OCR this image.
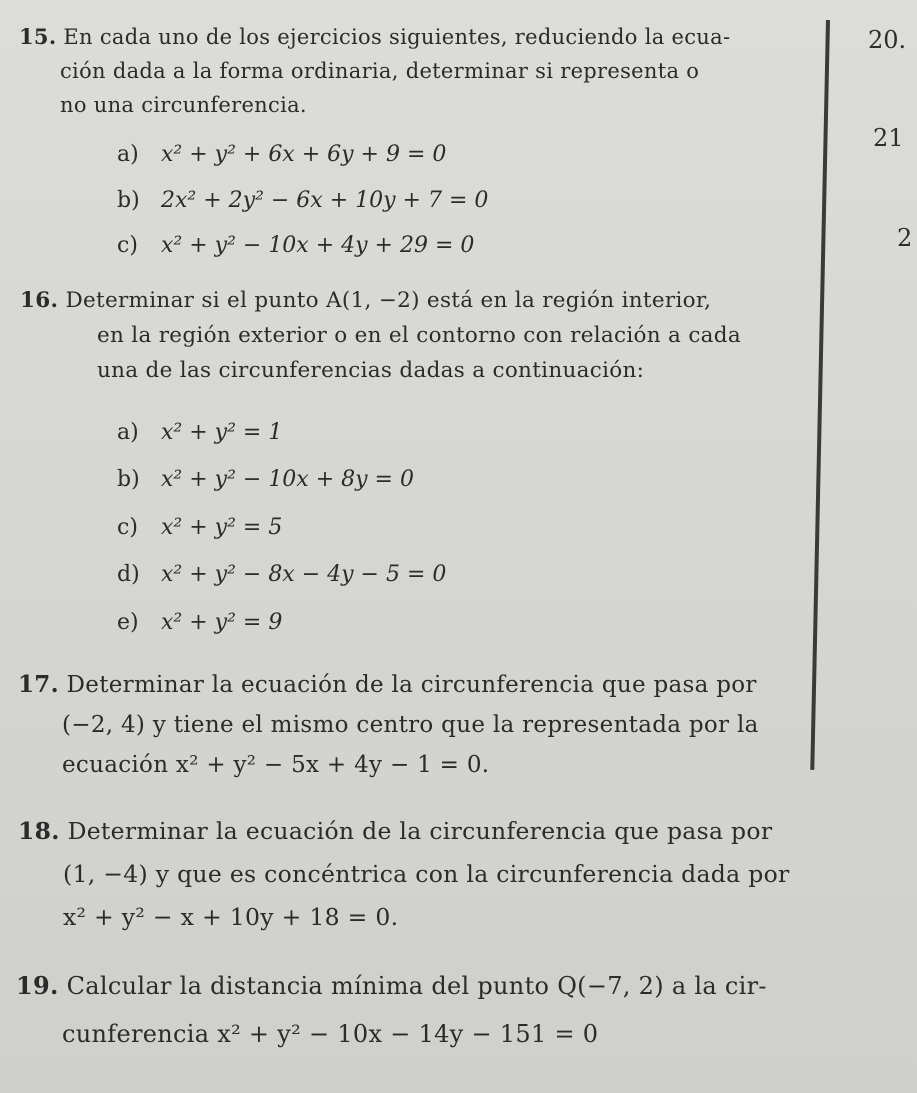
20.
21
2
15. En cada uno de los ejercicios siguientes, reduciendo la ecua-
ción dada a la forma ordinaria, determinar si representa o
no una circunferencia.
a) x² + y² + 6x + 6y + 9 = 0
b) 2x² + 2y² − 6x + 10y + 7 = 0
c) x² + y² − 10x + 4y + 29 = 0
16. Determinar si el punto A(1, −2) está en la región interior,
en la región exterior o en el contorno con relación a cada
una de las circunferencias dadas a continuación:
a) x² + y² = 1
b) x² + y² − 10x + 8y = 0
c) x² + y² = 5
d) x² + y² − 8x − 4y − 5 = 0
e) x² + y² = 9
17. Determinar la ecuación de la circunferencia que pasa por
(−2, 4) y tiene el mismo centro que la representada por la
ecuación x² + y² − 5x + 4y − 1 = 0.
18. Determinar la ecuación de la circunferencia que pasa por
(1, −4) y que es concéntrica con la circunferencia dada por
x² + y² − x + 10y + 18 = 0.
19. Calcular la distancia mínima del punto Q(−7, 2) a la cir-
cunferencia x² + y² − 10x − 14y − 151 = 0
